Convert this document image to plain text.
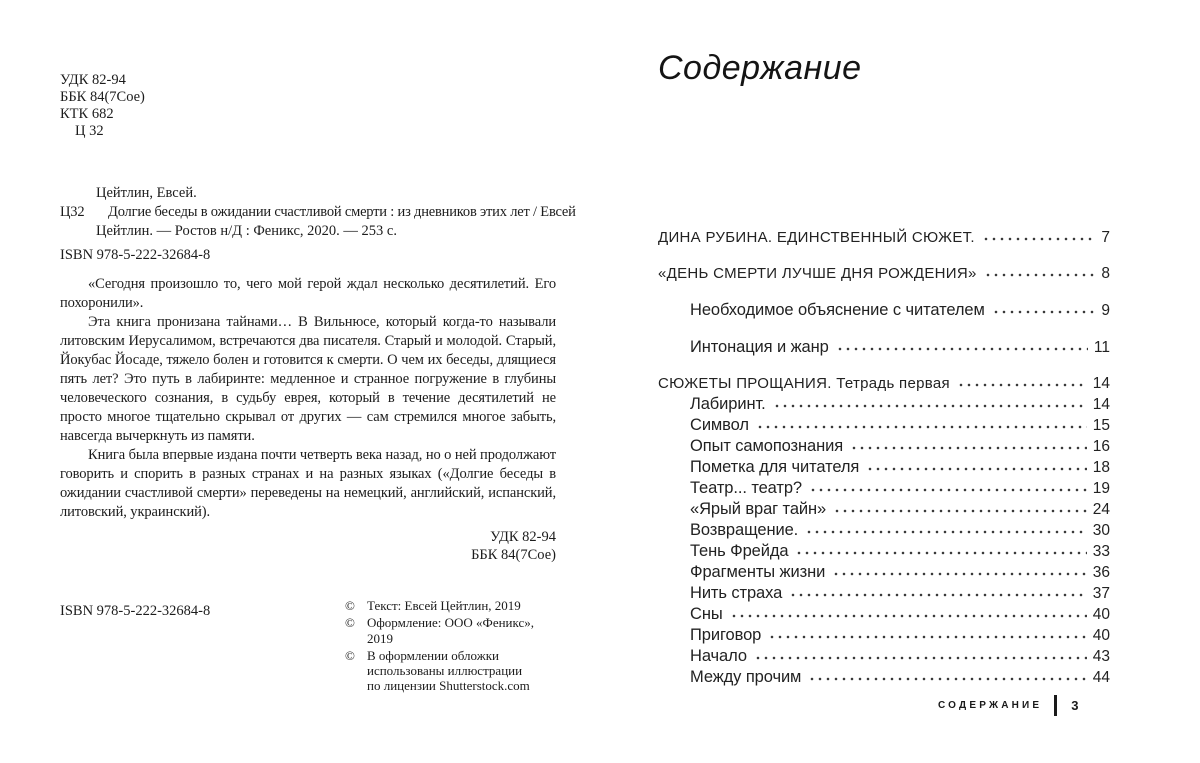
УДК 82-94
ББК 84(7Сое)
КТК 682
Ц 32
Цейтлин, Евсей.
Ц32 Долгие беседы в ожидании счастливой смерти : из дневников этих лет / Евсей
Цейтлин. — Ростов н/Д : Феникс, 2020. — 253 с.
ISBN 978-5-222-32684-8

«Сегодня произошло то, чего мой герой ждал несколько десятилетий. Его похоронили».

Эта книга пронизана тайнами… В Вильнюсе, который когда-то называли литовским Иерусалимом, встречаются два писателя. Старый и молодой. Старый, Йокубас Йосаде, тяжело болен и готовится к смерти. О чем их беседы, длящиеся пять лет? Это путь в лабиринте: медленное и странное погружение в глубины человеческого сознания, в судьбу еврея, который в течение десятилетий не просто многое тщательно скрывал от других — сам стремился многое забыть, навсегда вычеркнуть из памяти.

Книга была впервые издана почти четверть века назад, но о ней продолжают говорить и спорить в разных странах и на разных языках («Долгие беседы в ожидании счастливой смерти» переведены на немецкий, английский, испанский, литовский, украинский).

УДК 82-94
ББК 84(7Сое)
ISBN 978-5-222-32684-8	© Текст: Евсей Цейтлин, 2019
© Оформление: ООО «Феникс», 2019
© В оформлении обложки
использованы иллюстрации
по лицензии Shutterstock.com
Содержание
ДИНА РУБИНА. ЕДИНСТВЕННЫЙ СЮЖЕТ.	7
«ДЕНЬ СМЕРТИ ЛУЧШЕ ДНЯ РОЖДЕНИЯ»	8
Необходимое объяснение с читателем	9
Интонация и жанр	11
СЮЖЕТЫ ПРОЩАНИЯ. Тетрадь первая	14
Лабиринт.	14
Символ	15
Опыт самопознания	16
Пометка для читателя	18
Театр... театр?	19
«Ярый враг тайн»	24
Возвращение.	30
Тень Фрейда	33
Фрагменты жизни	36
Нить страха	37
Сны	40
Приговор	40
Начало	43
Между прочим	44
СОДЕРЖАНИЕ 3
